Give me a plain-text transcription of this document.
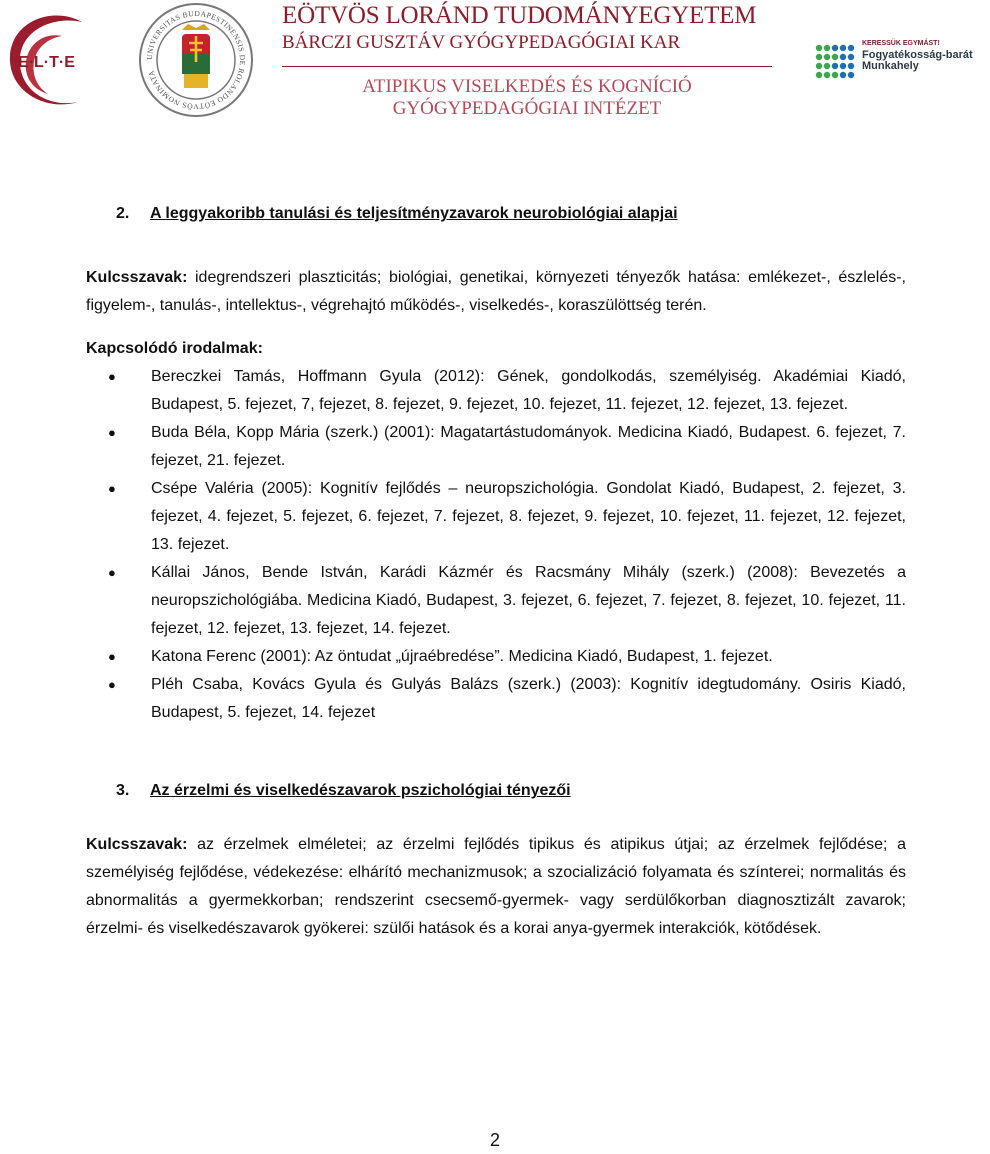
E·L·T·E	UNIVERSITAS BUDAPESTINENSIS DE ROLANDO EÖTVÖS NOMINATA
EÖTVÖS LORÁND TUDOMÁNYEGYETEM
BÁRCZI GUSZTÁV GYÓGYPEDAGÓGIAI KAR
ATIPIKUS VISELKEDÉS ÉS KOGNÍCIÓ
GYÓGYPEDAGÓGIAI INTÉZET
KERESSÜK EGYMÁST!
Fogyatékosság-barát
Munkahely
2.	A leggyakoribb tanulási és teljesítményzavarok neurobiológiai alapjai

Kulcsszavak: idegrendszeri plaszticitás; biológiai, genetikai, környezeti tényezők hatása: emlékezet-, észlelés-, figyelem-, tanulás-, intellektus-, végrehajtó működés-, viselkedés-, koraszülöttség terén.

Kapcsolódó irodalmak:

● Bereczkei Tamás, Hoffmann Gyula (2012): Gének, gondolkodás, személyiség. Akadémiai Kiadó, Budapest, 5. fejezet, 7, fejezet, 8. fejezet, 9. fejezet, 10. fejezet, 11. fejezet, 12. fejezet, 13. fejezet.
● Buda Béla, Kopp Mária (szerk.) (2001): Magatartástudományok. Medicina Kiadó, Budapest. 6. fejezet, 7. fejezet, 21. fejezet.
● Csépe Valéria (2005): Kognitív fejlődés – neuropszichológia. Gondolat Kiadó, Budapest, 2. fejezet, 3. fejezet, 4. fejezet, 5. fejezet, 6. fejezet, 7. fejezet, 8. fejezet, 9. fejezet, 10. fejezet, 11. fejezet, 12. fejezet, 13. fejezet.
● Kállai János, Bende István, Karádi Kázmér és Racsmány Mihály (szerk.) (2008): Bevezetés a neuropszichológiába. Medicina Kiadó, Budapest, 3. fejezet, 6. fejezet, 7. fejezet, 8. fejezet, 10. fejezet, 11. fejezet, 12. fejezet, 13. fejezet, 14. fejezet.
● Katona Ferenc (2001): Az öntudat „újraébredése”. Medicina Kiadó, Budapest, 1. fejezet.
● Pléh Csaba, Kovács Gyula és Gulyás Balázs (szerk.) (2003): Kognitív idegtudomány. Osiris Kiadó, Budapest, 5. fejezet, 14. fejezet
3.	Az érzelmi és viselkedészavarok pszichológiai tényezői

Kulcsszavak: az érzelmek elméletei; az érzelmi fejlődés tipikus és atipikus útjai; az érzelmek fejlődése; a személyiség fejlődése, védekezése: elhárító mechanizmusok; a szocializáció folyamata és színterei; normalitás és abnormalitás a gyermekkorban; rendszerint csecsemő-gyermek- vagy serdülőkorban diagnosztizált zavarok; érzelmi- és viselkedészavarok gyökerei: szülői hatások és a korai anya-gyermek interakciók, kötődések.

2
